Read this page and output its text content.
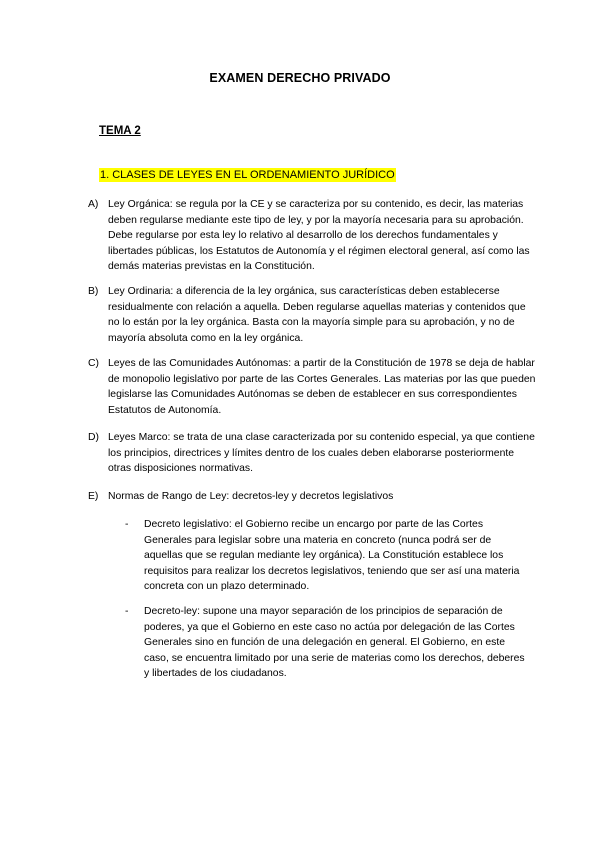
EXAMEN DERECHO PRIVADO
TEMA 2
1. CLASES DE LEYES EN EL ORDENAMIENTO JURÍDICO
A) Ley Orgánica: se regula por la CE y se caracteriza por su contenido, es decir, las materias deben regularse mediante este tipo de ley, y por la mayoría necesaria para su aprobación. Debe regularse por esta ley lo relativo al desarrollo de los derechos fundamentales y libertades públicas, los Estatutos de Autonomía y el régimen electoral general, así como las demás materias previstas en la Constitución.
B) Ley Ordinaria: a diferencia de la ley orgánica, sus características deben establecerse residualmente con relación a aquella. Deben regularse aquellas materias y contenidos que no lo están por la ley orgánica. Basta con la mayoría simple para su aprobación, y no de mayoría absoluta como en la ley orgánica.
C) Leyes de las Comunidades Autónomas: a partir de la Constitución de 1978 se deja de hablar de monopolio legislativo por parte de las Cortes Generales. Las materias por las que pueden legislarse las Comunidades Autónomas se deben de establecer en sus correspondientes Estatutos de Autonomía.
D) Leyes Marco: se trata de una clase caracterizada por su contenido especial, ya que contiene los principios, directrices y límites dentro de los cuales deben elaborarse posteriormente otras disposiciones normativas.
E) Normas de Rango de Ley: decretos-ley y decretos legislativos
- Decreto legislativo: el Gobierno recibe un encargo por parte de las Cortes Generales para legislar sobre una materia en concreto (nunca podrá ser de aquellas que se regulan mediante ley orgánica). La Constitución establece los requisitos para realizar los decretos legislativos, teniendo que ser así una materia concreta con un plazo determinado.
- Decreto-ley: supone una mayor separación de los principios de separación de poderes, ya que el Gobierno en este caso no actúa por delegación de las Cortes Generales sino en función de una delegación en general. El Gobierno, en este caso, se encuentra limitado por una serie de materias como los derechos, deberes y libertades de los ciudadanos.
